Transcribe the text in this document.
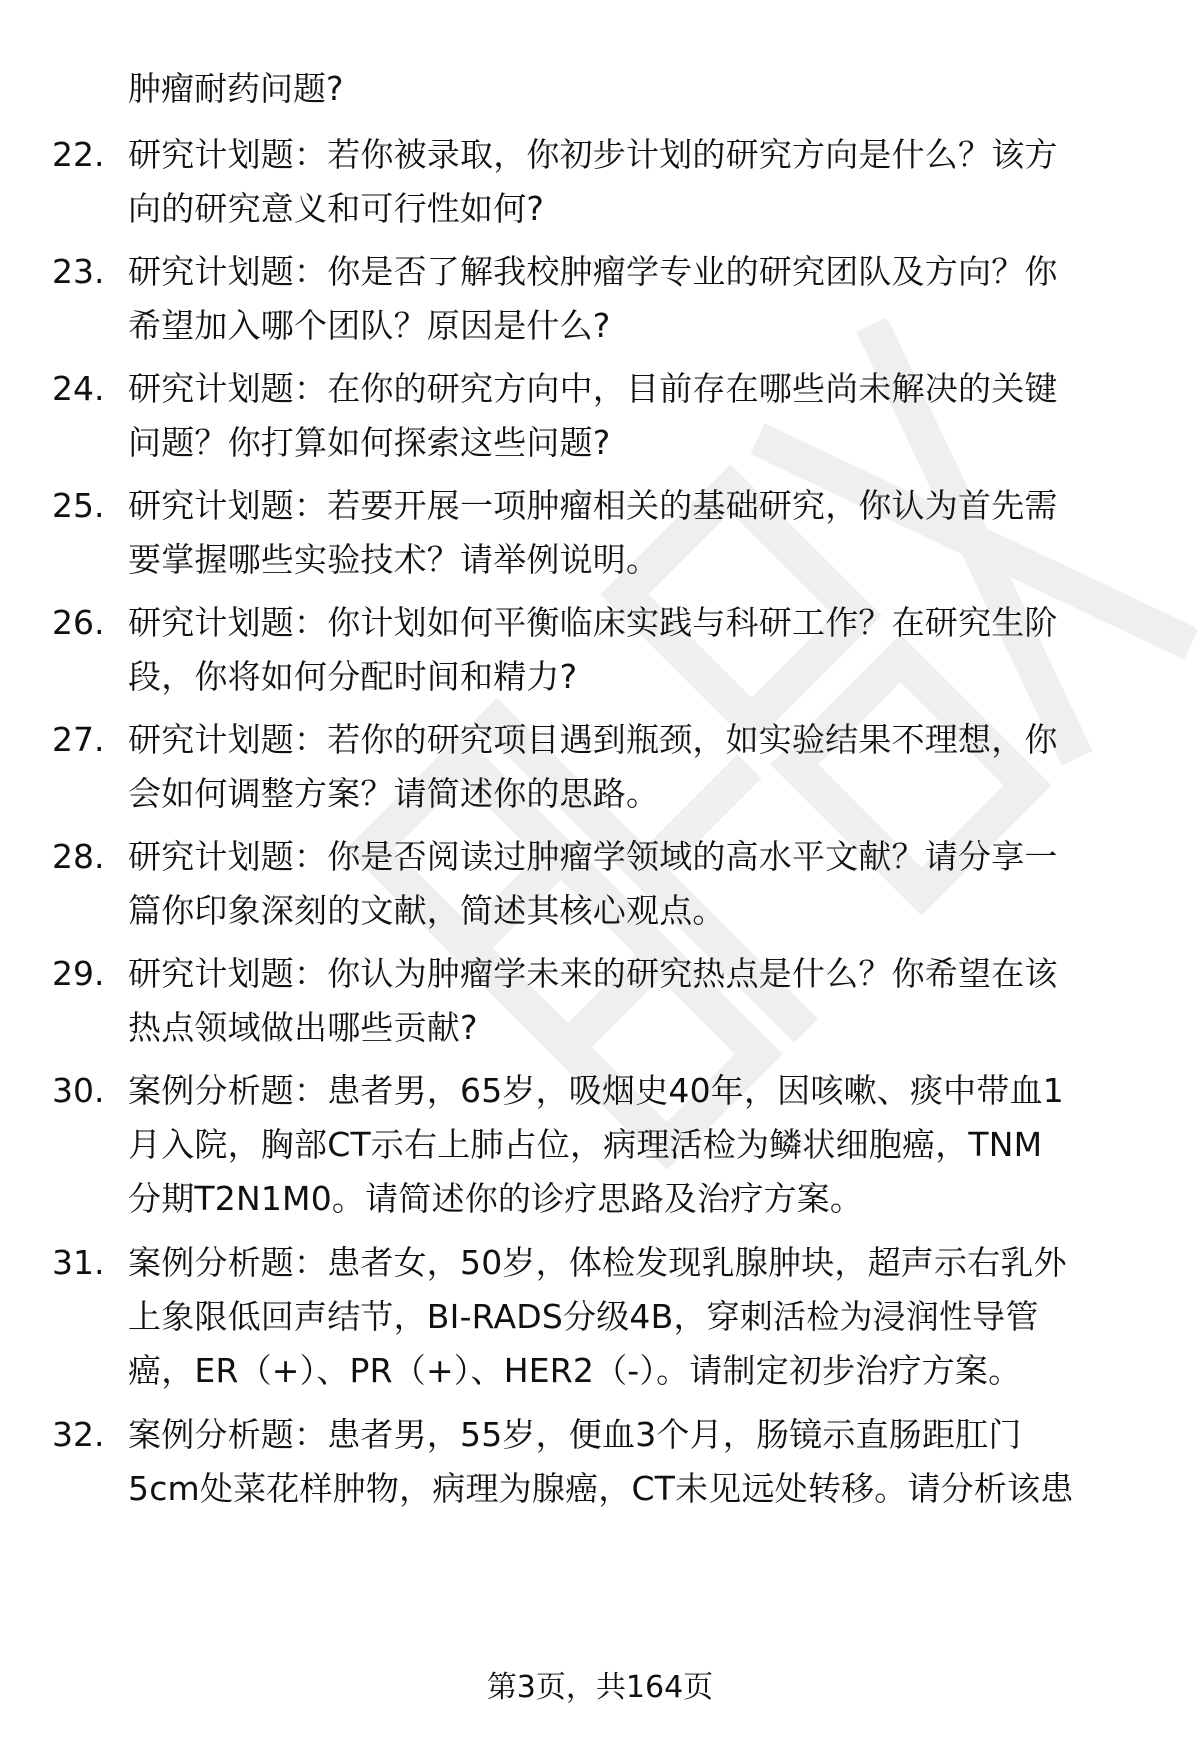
肿瘤耐药问题?

22. 研究计划题：若你被录取，你初步计划的研究方向是什么？该方
向的研究意义和可行性如何?

23. 研究计划题：你是否了解我校肿瘤学专业的研究团队及方向？你
希望加入哪个团队？原因是什么?

24. 研究计划题：在你的研究方向中，目前存在哪些尚未解决的关键
问题？你打算如何探索这些问题?

25. 研究计划题：若要开展一项肿瘤相关的基础研究，你认为首先需
要掌握哪些实验技术？请举例说明。

26. 研究计划题：你计划如何平衡临床实践与科研工作？在研究生阶
段，你将如何分配时间和精力?

27. 研究计划题：若你的研究项目遇到瓶颈，如实验结果不理想，你
会如何调整方案？请简述你的思路。

28. 研究计划题：你是否阅读过肿瘤学领域的高水平文献？请分享一
篇你印象深刻的文献，简述其核心观点。

29. 研究计划题：你认为肿瘤学未来的研究热点是什么？你希望在该
热点领域做出哪些贡献?

30. 案例分析题：患者男，65岁，吸烟史40年，因咳嗽、痰中带血1
月入院，胸部CT示右上肺占位，病理活检为鳞状细胞癌，TNM
分期T2N1M0。请简述你的诊疗思路及治疗方案。

31. 案例分析题：患者女，50岁，体检发现乳腺肿块，超声示右乳外
上象限低回声结节，BI-RADS分级4B，穿刺活检为浸润性导管
癌，ER（+）、PR（+）、HER2（-）。请制定初步治疗方案。

32. 案例分析题：患者男，55岁，便血3个月，肠镜示直肠距肛门
5cm处菜花样肿物，病理为腺癌，CT未见远处转移。请分析该患

第3页，共164页
